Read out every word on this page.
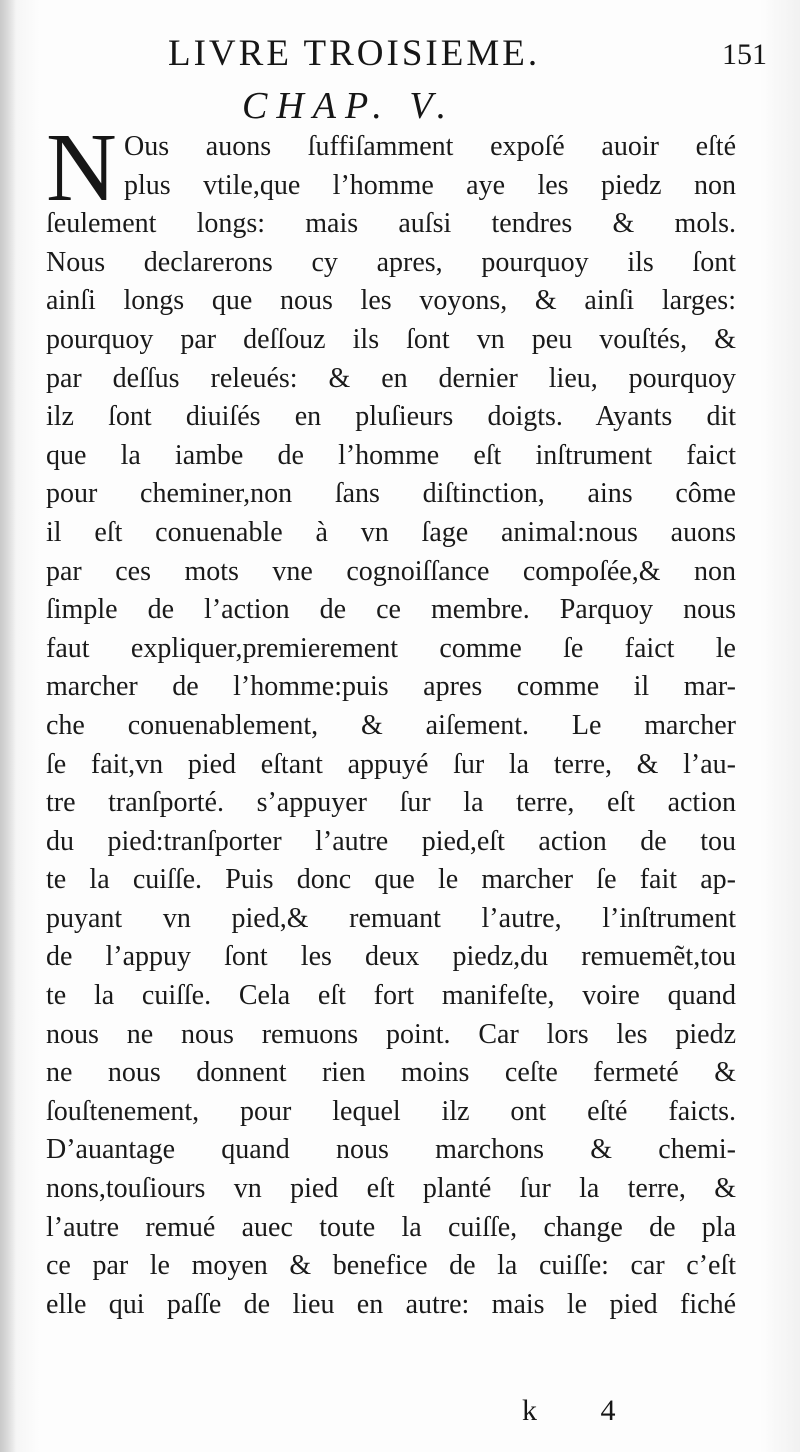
LIVRE TROISIEME.	151
CHAP. V.
N Ous auons ſuffiſamment expoſé auoir eſté
plus vtile,que l’homme aye les piedz non
ſeulement longs: mais auſsi tendres & mols.
Nous declarerons cy apres, pourquoy ils ſont
ainſi longs que nous les voyons, & ainſi larges:
pourquoy par deſſouz ils ſont vn peu vouſtés, &
par deſſus releués: & en dernier lieu, pourquoy
ilz ſont diuiſés en pluſieurs doigts. Ayants dit
que la iambe de l’homme eſt inſtrument faict
pour cheminer,non ſans diſtinction, ains côme
il eſt conuenable à vn ſage animal:nous auons
par ces mots vne cognoiſſance compoſée,& non
ſimple de l’action de ce membre. Parquoy nous
faut expliquer,premierement comme ſe faict le
marcher de l’homme:puis apres comme il mar-
che conuenablement, & aiſement. Le marcher
ſe fait,vn pied eſtant appuyé ſur la terre, & l’au-
tre tranſporté. s’appuyer ſur la terre, eſt action
du pied:tranſporter l’autre pied,eſt action de tou
te la cuiſſe. Puis donc que le marcher ſe fait ap-
puyant vn pied,& remuant l’autre, l’inſtrument
de l’appuy ſont les deux piedz,du remuemẽt,tou
te la cuiſſe. Cela eſt fort manifeſte, voire quand
nous ne nous remuons point. Car lors les piedz
ne nous donnent rien moins ceſte fermeté &
ſouſtenement, pour lequel ilz ont eſté faicts.
D’auantage quand nous marchons & chemi-
nons,touſiours vn pied eſt planté ſur la terre, &
l’autre remué auec toute la cuiſſe, change de pla
ce par le moyen & benefice de la cuiſſe: car c’eſt
elle qui paſſe de lieu en autre: mais le pied fiché
k 4
